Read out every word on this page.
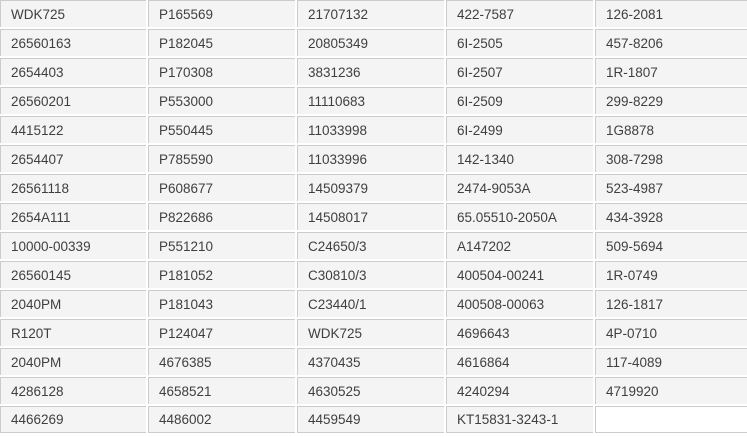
WDK725	P165569	21707132	422-7587	126-2081
26560163	P182045	20805349	6I-2505	457-8206
2654403	P170308	3831236	6I-2507	1R-1807
26560201	P553000	11110683	6I-2509	299-8229
4415122	P550445	11033998	6I-2499	1G8878
2654407	P785590	11033996	142-1340	308-7298
26561118	P608677	14509379	2474-9053A	523-4987
2654A111	P822686	14508017	65.05510-2050A	434-3928
10000-00339	P551210	C24650/3	A147202	509-5694
26560145	P181052	C30810/3	400504-00241	1R-0749
2040PM	P181043	C23440/1	400508-00063	126-1817
R120T	P124047	WDK725	4696643	4P-0710
2040PM	4676385	4370435	4616864	117-4089
4286128	4658521	4630525	4240294	4719920
4466269	4486002	4459549	KT15831-3243-1	
